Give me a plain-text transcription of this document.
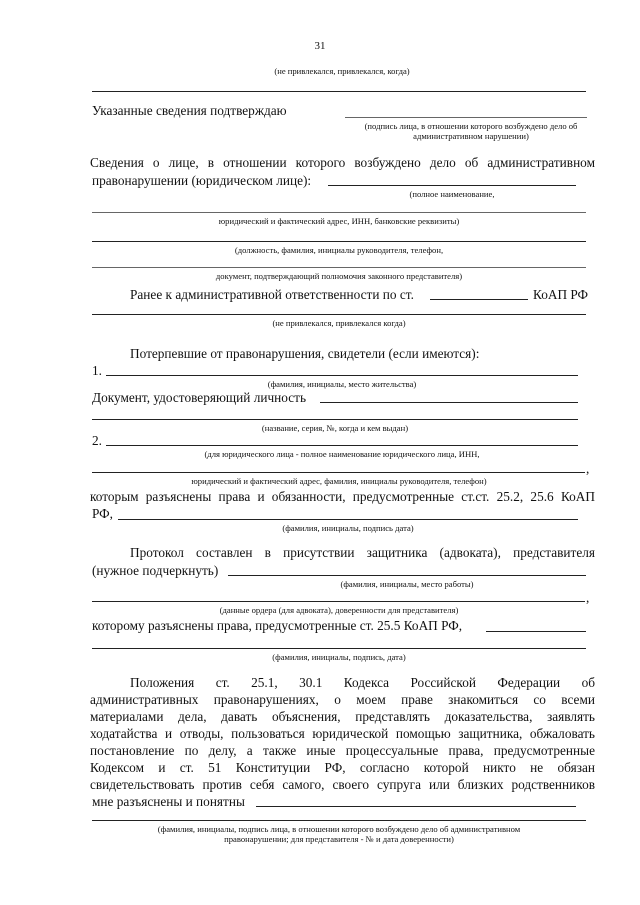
31
(не привлекался, привлекался, когда)
Указанные сведения подтверждаю
(подпись лица, в отношении которого возбуждено дело об
административном нарушении)
Сведения о лице, в отношении которого возбуждено дело об административном
правонарушении (юридическом лице):
(полное наименование,
юридический и фактический адрес, ИНН, банковские реквизиты)
(должность, фамилия, инициалы руководителя, телефон,
документ, подтверждающий полномочия законного представителя)
Ранее к административной ответственности по ст.	КоАП РФ
(не привлекался, привлекался когда)
Потерпевшие от правонарушения, свидетели (если имеются):
1.
(фамилия, инициалы, место жительства)
Документ, удостоверяющий личность
(название, серия, №, когда и кем выдан)
2.
(для юридического лица - полное наименование юридического лица, ИНН,
,
юридический и фактический адрес, фамилия, инициалы руководителя, телефон)
которым разъяснены права и обязанности, предусмотренные ст.ст. 25.2, 25.6 КоАП
РФ,
(фамилия, инициалы, подпись дата)
Протокол составлен в присутствии защитника (адвоката), представителя
(нужное подчеркнуть)
(фамилия, инициалы, место работы)
,
(данные ордера (для адвоката), доверенности для представителя)
которому разъяснены права, предусмотренные ст. 25.5 КоАП РФ,
(фамилия, инициалы, подпись, дата)
Положения ст. 25.1, 30.1 Кодекса Российской Федерации об
административных правонарушениях, о моем праве знакомиться со всеми
материалами дела, давать объяснения, представлять доказательства, заявлять
ходатайства и отводы, пользоваться юридической помощью защитника, обжаловать
постановление по делу, а также иные процессуальные права, предусмотренные
Кодексом и ст. 51 Конституции РФ, согласно которой никто не обязан
свидетельствовать против себя самого, своего супруга или близких родственников
мне разъяснены и понятны
(фамилия, инициалы, подпись лица, в отношении которого возбуждено дело об административном
правонарушении; для представителя - № и дата доверенности)
